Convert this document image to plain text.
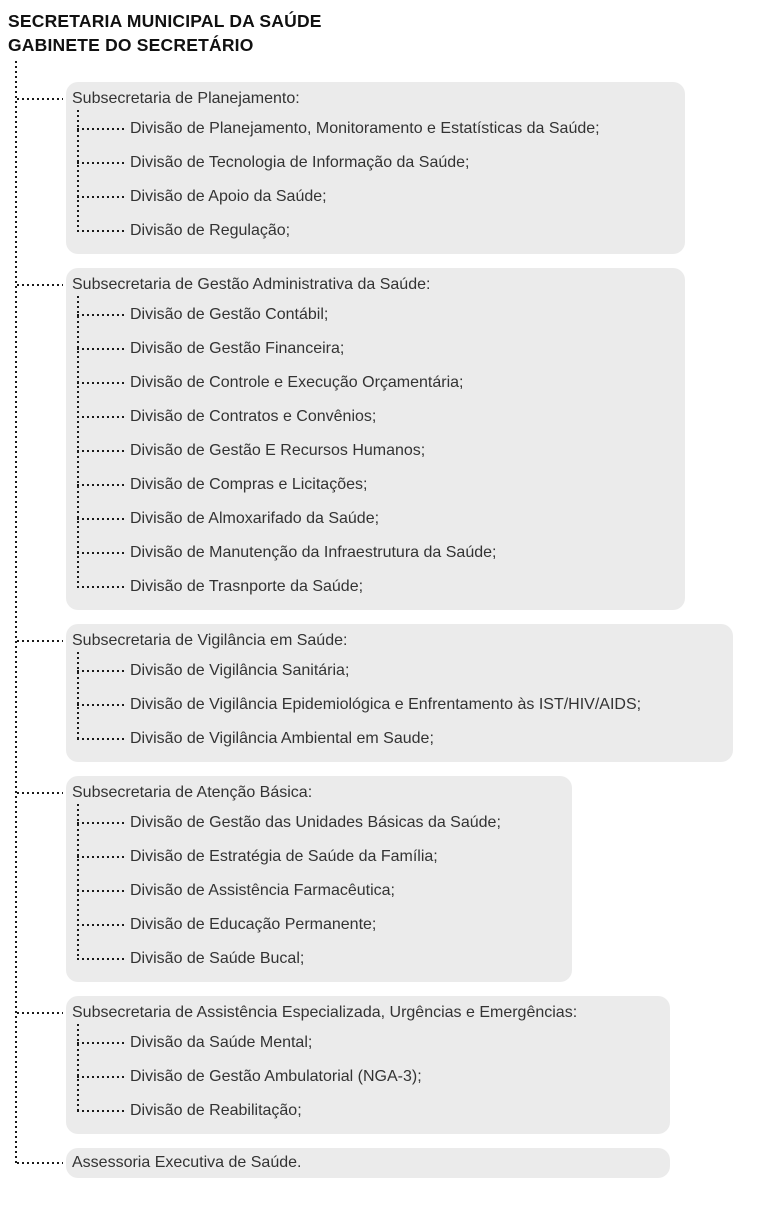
SECRETARIA MUNICIPAL DA SAÚDE
GABINETE DO SECRETÁRIO
Subsecretaria de Planejamento:
Divisão de Planejamento, Monitoramento e Estatísticas da Saúde;
Divisão de Tecnologia de Informação da Saúde;
Divisão de Apoio da Saúde;
Divisão de Regulação;
Subsecretaria de Gestão Administrativa da Saúde:
Divisão de Gestão Contábil;
Divisão de Gestão Financeira;
Divisão de Controle e Execução Orçamentária;
Divisão de Contratos e Convênios;
Divisão de Gestão E Recursos Humanos;
Divisão de Compras e Licitações;
Divisão de Almoxarifado da Saúde;
Divisão de Manutenção da Infraestrutura da Saúde;
Divisão de Trasnporte da Saúde;
Subsecretaria de Vigilância em Saúde:
Divisão de Vigilância Sanitária;
Divisão de Vigilância Epidemiológica e Enfrentamento às IST/HIV/AIDS;
Divisão de Vigilância Ambiental em Saude;
Subsecretaria de Atenção Básica:
Divisão de Gestão das Unidades Básicas da Saúde;
Divisão de Estratégia de Saúde da Família;
Divisão de Assistência Farmacêutica;
Divisão de Educação Permanente;
Divisão de Saúde Bucal;
Subsecretaria de Assistência Especializada, Urgências e Emergências:
Divisão da Saúde Mental;
Divisão de Gestão Ambulatorial (NGA-3);
Divisão de Reabilitação;
Assessoria Executiva de Saúde.
